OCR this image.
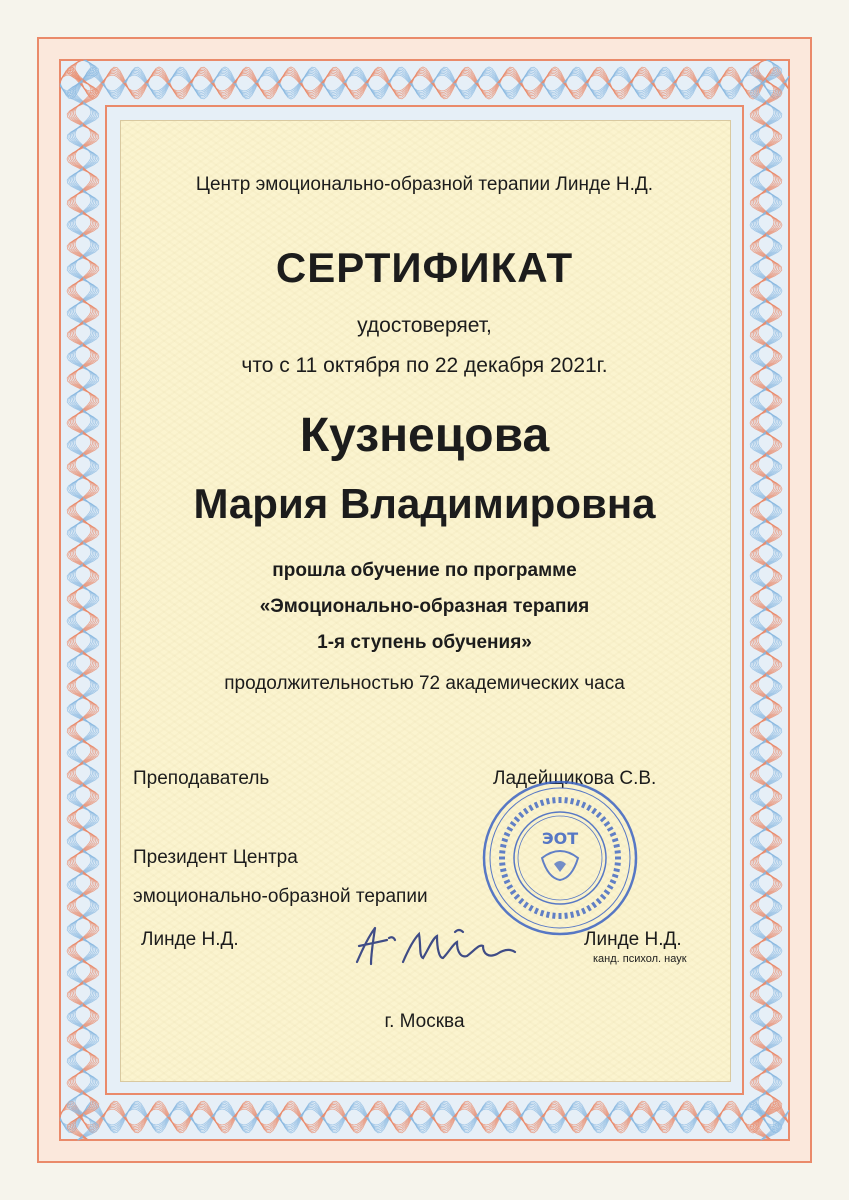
Центр эмоционально-образной терапии Линде Н.Д.
СЕРТИФИКАТ
удостоверяет,
что с 11 октября по 22 декабря 2021г.
Кузнецова
Мария Владимировна
прошла обучение по программе
«Эмоционально-образная терапия
1-я ступень обучения»
продолжительностью 72 академических часа
Преподаватель	Ладейщикова С.В.
Президент Центра
эмоционально-образной терапии
Линде Н.Д.	Линде Н.Д.
канд. психол. наук
г. Москва
ЭОТ
